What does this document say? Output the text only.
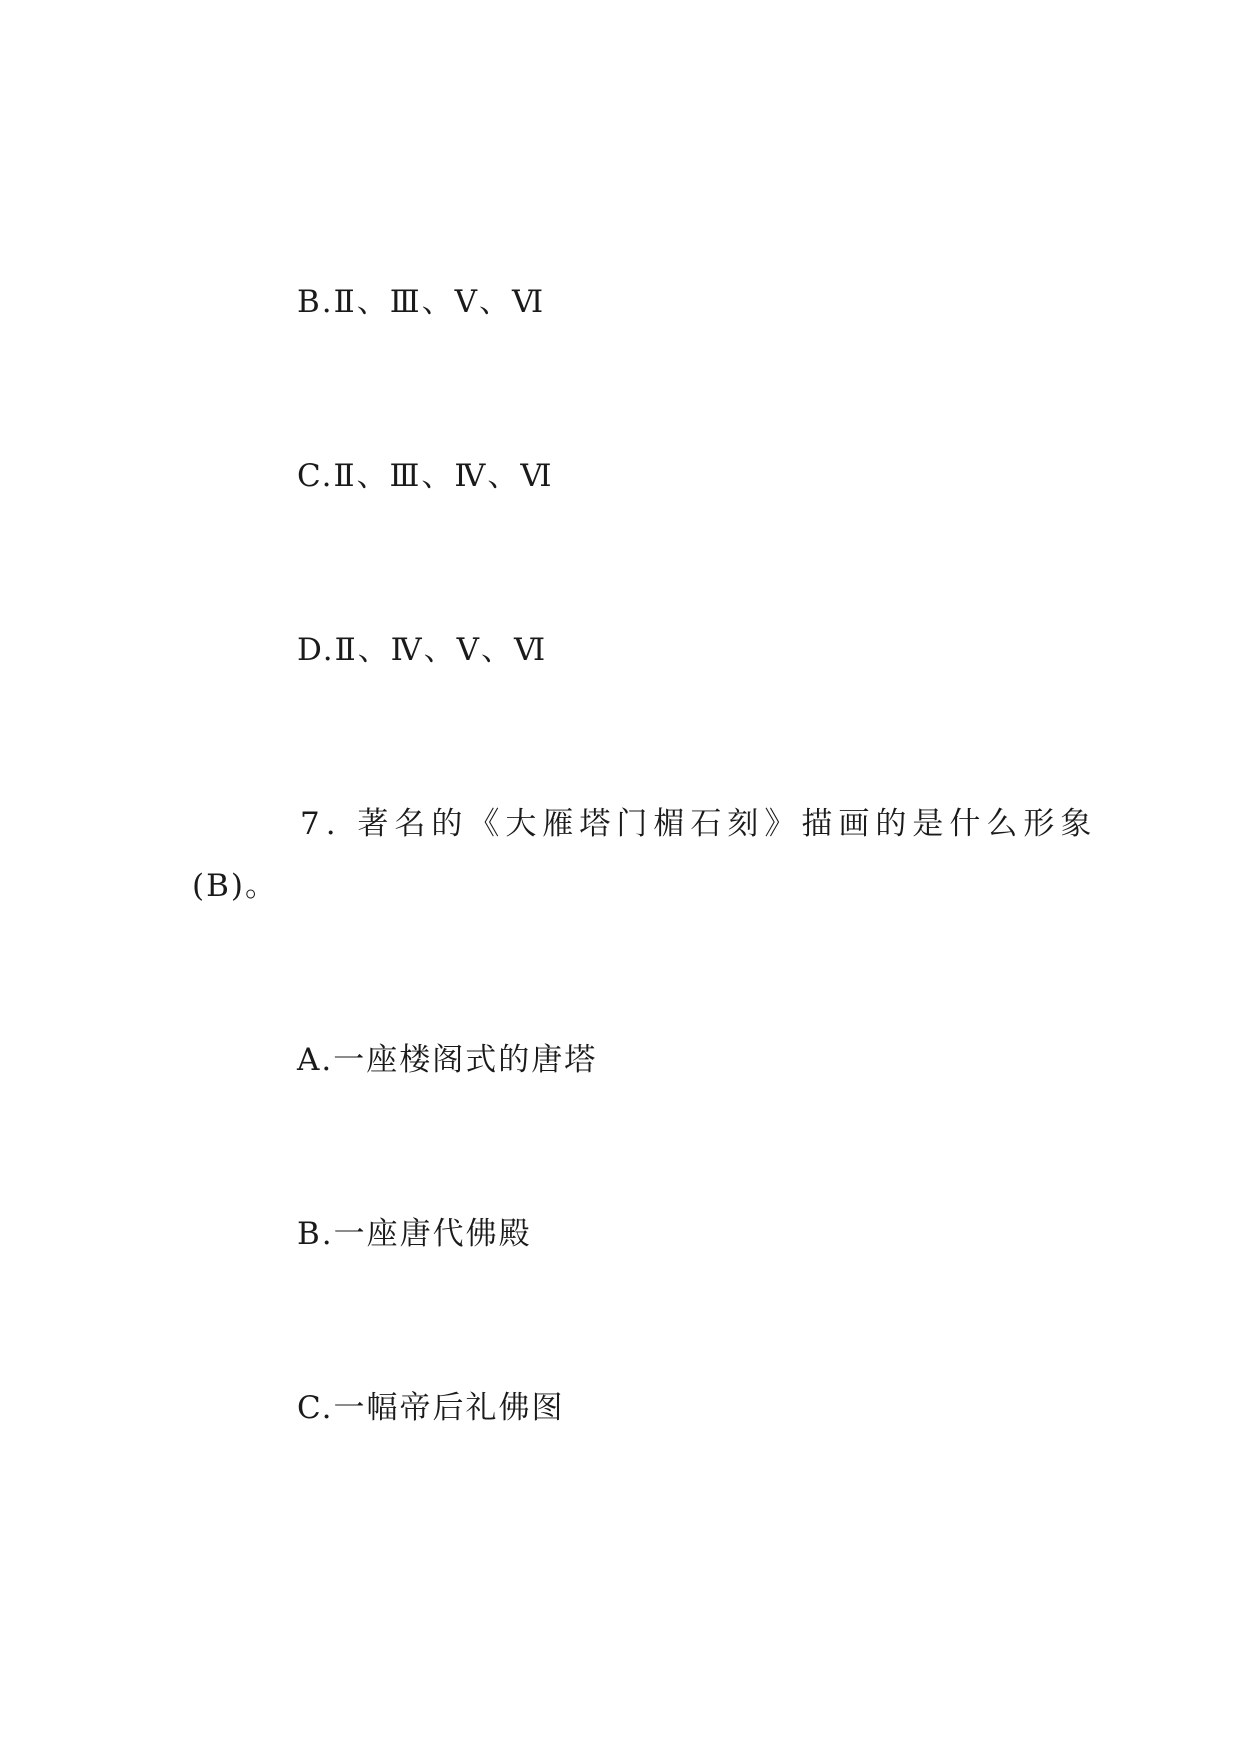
B.Ⅱ、Ⅲ、Ⅴ、Ⅵ
C.Ⅱ、Ⅲ、Ⅳ、Ⅵ
D.Ⅱ、Ⅳ、Ⅴ、Ⅵ
7. 著名的《大雁塔门楣石刻》描画的是什么形象
(B)。
A.一座楼阁式的唐塔
B.一座唐代佛殿
C.一幅帝后礼佛图
